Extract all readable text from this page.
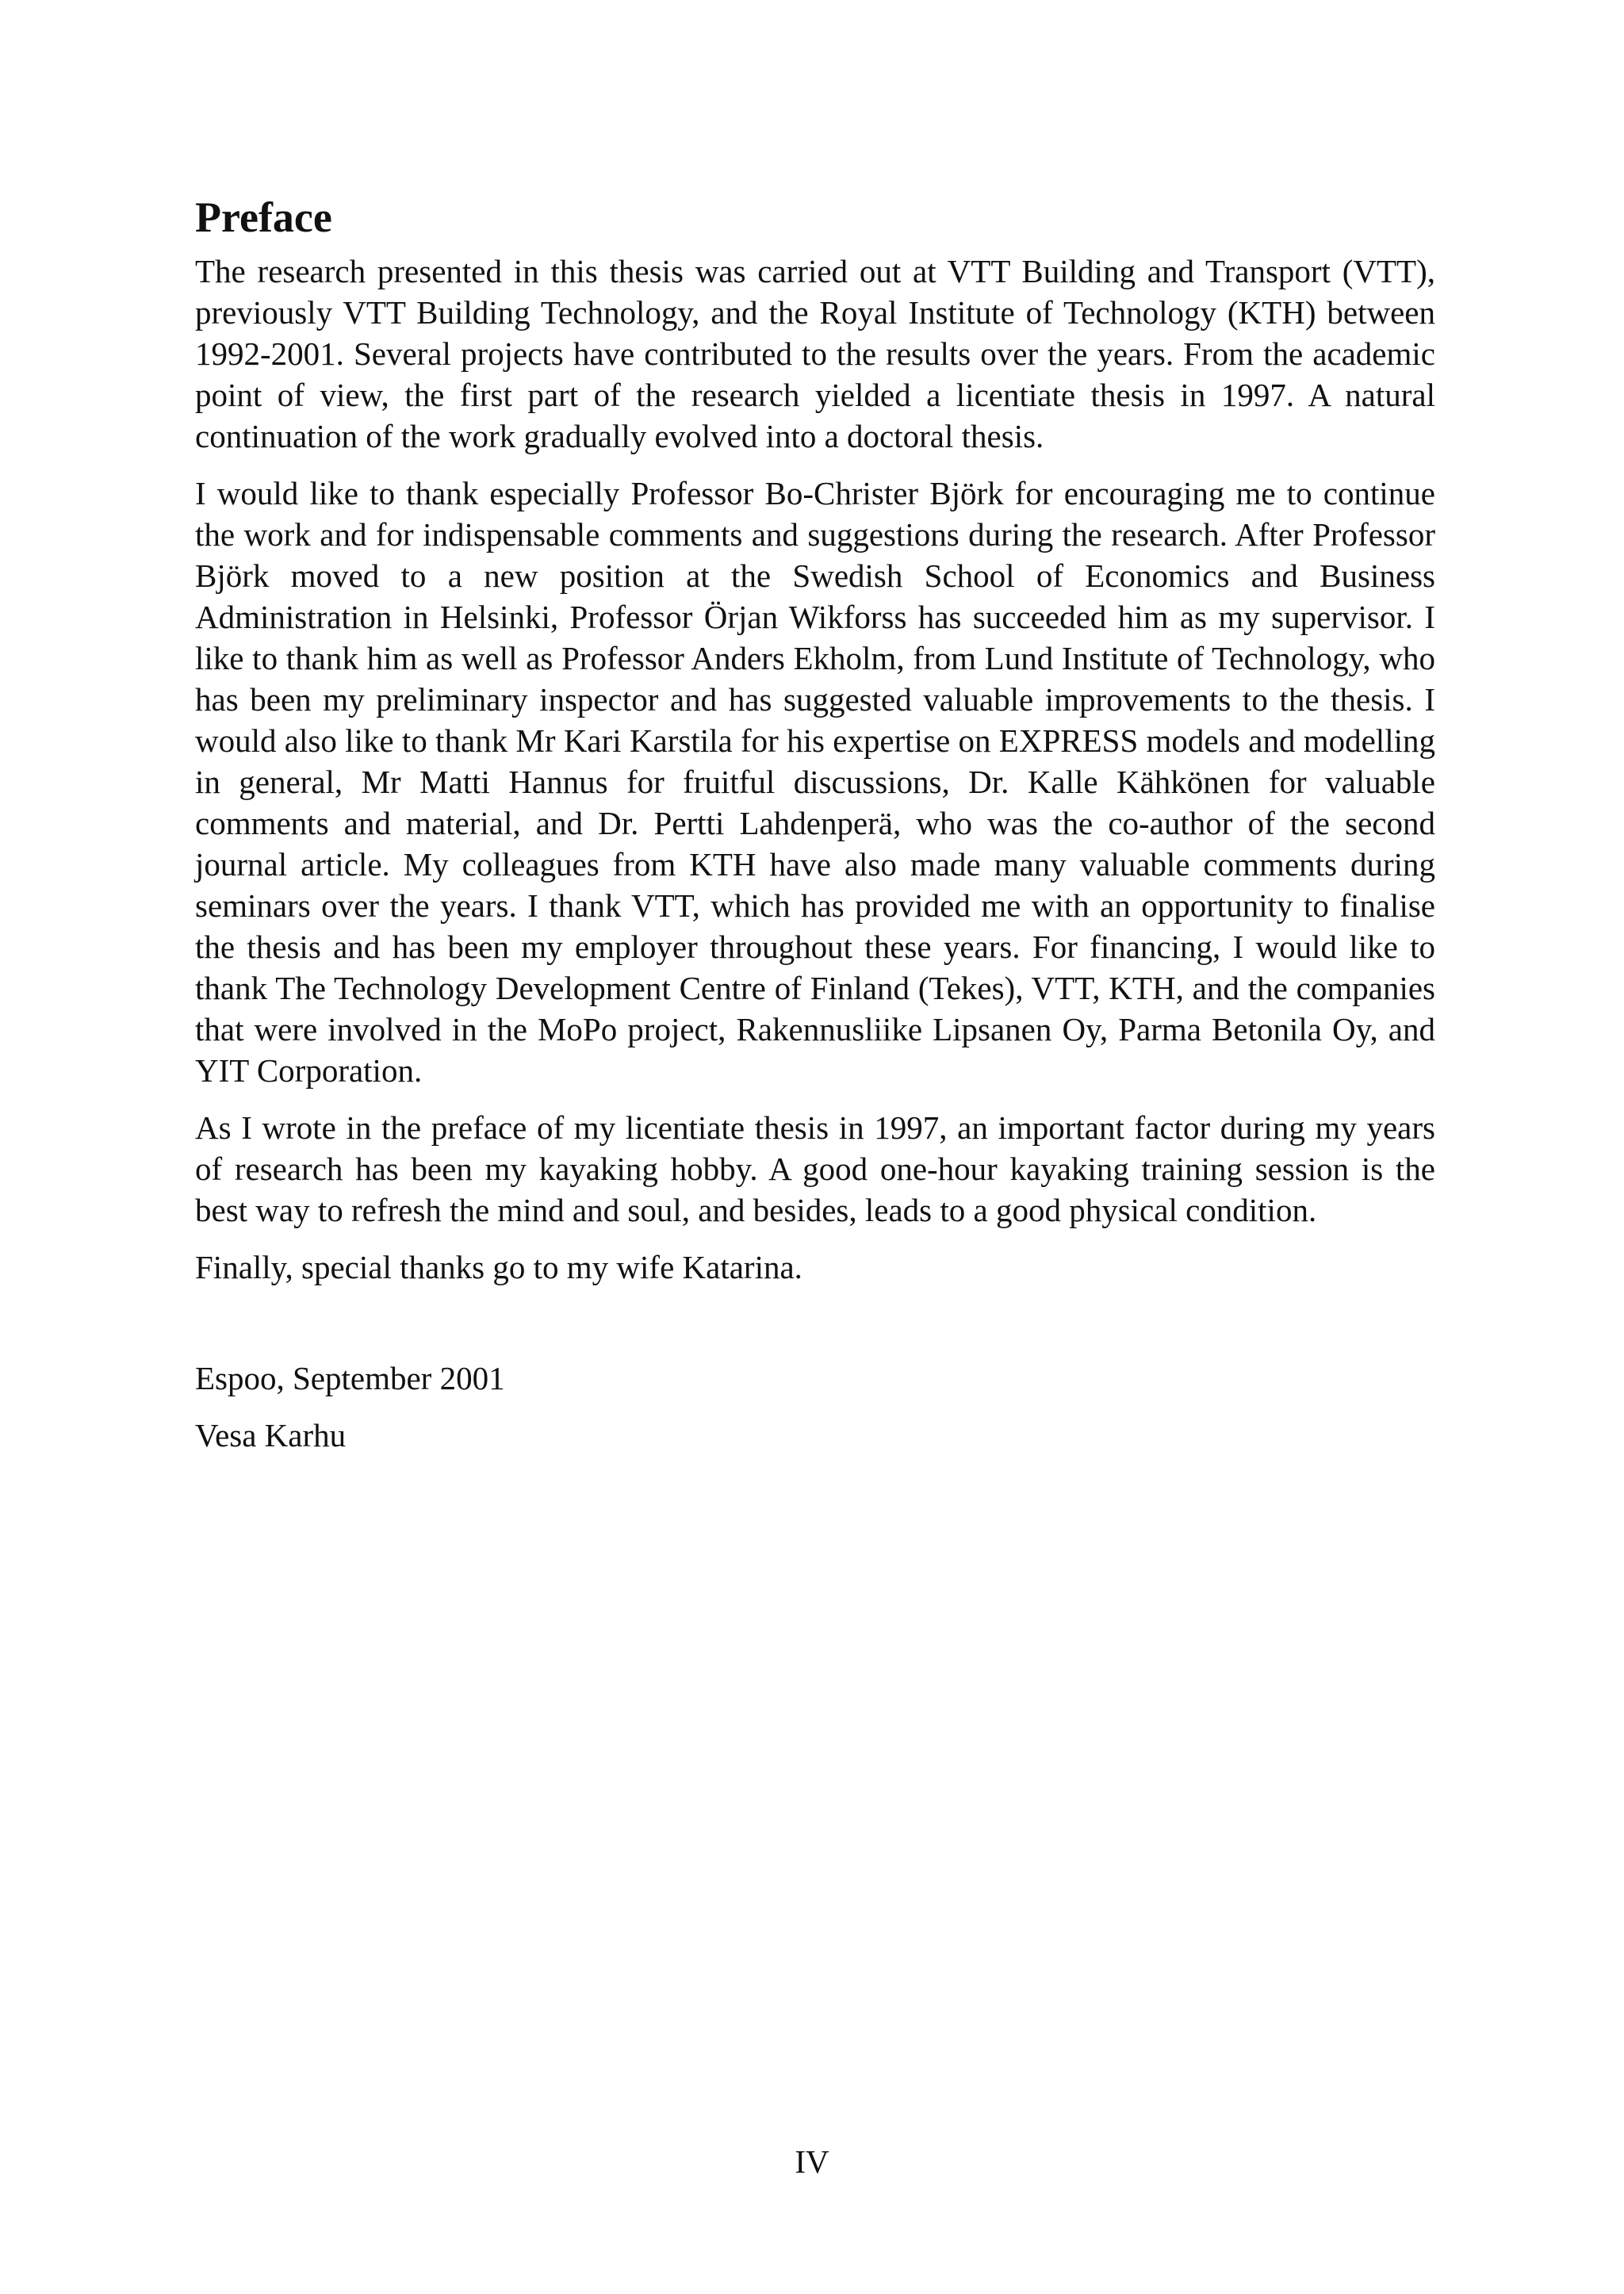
Preface

The research presented in this thesis was carried out at VTT Building and Transport (VTT), previously VTT Building Technology, and the Royal Institute of Technology (KTH) between 1992-2001. Several projects have contributed to the results over the years. From the academic point of view, the first part of the research yielded a licentiate thesis in 1997. A natural continuation of the work gradually evolved into a doctoral thesis.

I would like to thank especially Professor Bo-Christer Björk for encouraging me to continue the work and for indispensable comments and suggestions during the research. After Professor Björk moved to a new position at the Swedish School of Economics and Business Administration in Helsinki, Professor Örjan Wikforss has succeeded him as my supervisor. I like to thank him as well as Professor Anders Ekholm, from Lund Institute of Technology, who has been my preliminary inspector and has suggested valuable improvements to the thesis. I would also like to thank Mr Kari Karstila for his expertise on EXPRESS models and modelling in general, Mr Matti Hannus for fruitful discussions, Dr. Kalle Kähkönen for valuable comments and material, and Dr. Pertti Lahdenperä, who was the co-author of the second journal article. My colleagues from KTH have also made many valuable comments during seminars over the years. I thank VTT, which has provided me with an opportunity to finalise the thesis and has been my employer throughout these years. For financing, I would like to thank The Technology Development Centre of Finland (Tekes), VTT, KTH, and the companies that were involved in the MoPo project, Rakennusliike Lipsanen Oy, Parma Betonila Oy, and YIT Corporation.

As I wrote in the preface of my licentiate thesis in 1997, an important factor during my years of research has been my kayaking hobby. A good one-hour kayaking training session is the best way to refresh the mind and soul, and besides, leads to a good physical condition.

Finally, special thanks go to my wife Katarina.

Espoo, September 2001

Vesa Karhu

IV
